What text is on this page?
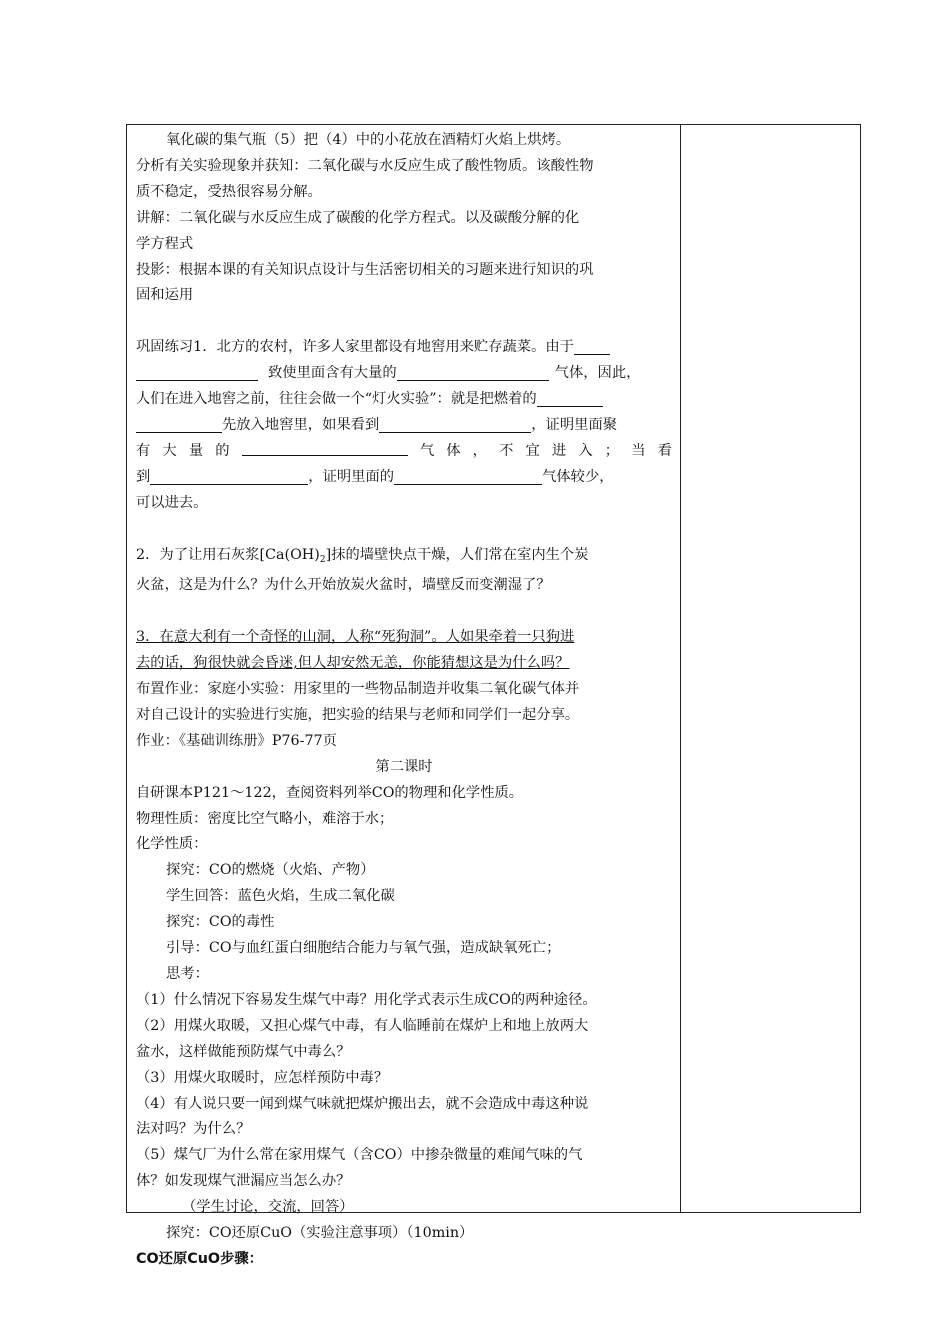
氧化碳的集气瓶（5）把（4）中的小花放在酒精灯火焰上烘烤。

分析有关实验现象并获知：二氧化碳与水反应生成了酸性物质。该酸性物

质不稳定，受热很容易分解。

讲解：二氧化碳与水反应生成了碳酸的化学方程式。以及碳酸分解的化

学方程式

投影：根据本课的有关知识点设计与生活密切相关的习题来进行知识的巩

固和运用

巩固练习1．北方的农村，许多人家里都设有地窖用来贮存蔬菜。由于

致使里面含有大量的	气体，因此，

人们在进入地窖之前，往往会做一个“灯火实验”：就是把燃着的

先放入地窖里，如果看到	，证明里面聚

有 大 量 的	气 体 ， 不 宜 进 入 ； 当 看

到	，证明里面的	气体较少，

可以进去。

2．为了让用石灰浆$[Ca(OH)_2]$抹的墙壁快点干燥，人们常在室内生个炭

火盆，这是为什么？为什么开始放炭火盆时，墙壁反而变潮湿了？

3．在意大利有一个奇怪的山洞，人称“死狗洞”。人如果牵着一只狗进

去的话，狗很快就会昏迷,但人却安然无恙，你能猜想这是为什么吗？

布置作业：家庭小实验：用家里的一些物品制造并收集二氧化碳气体并

对自己设计的实验进行实施，把实验的结果与老师和同学们一起分享。

作业：《基础训练册》P76-77页

第二课时

自研课本P121～122，查阅资料列举CO的物理和化学性质。

物理性质：密度比空气略小，难溶于水；

化学性质：

探究：CO的燃烧（火焰、产物）

学生回答：蓝色火焰，生成二氧化碳

探究：CO的毒性

引导：CO与血红蛋白细胞结合能力与氧气强，造成缺氧死亡；

思考：

（1）什么情况下容易发生煤气中毒？用化学式表示生成CO的两种途径。

（2）用煤火取暖，又担心煤气中毒，有人临睡前在煤炉上和地上放两大

盆水，这样做能预防煤气中毒么？

（3）用煤火取暖时，应怎样预防中毒？

（4）有人说只要一闻到煤气味就把煤炉搬出去，就不会造成中毒这种说

法对吗？为什么？

（5）煤气厂为什么常在家用煤气（含CO）中掺杂微量的难闻气味的气

体？如发现煤气泄漏应当怎么办？

（学生讨论，交流，回答）

探究：CO还原CuO（实验注意事项）（10min）

CO还原CuO步骤：
